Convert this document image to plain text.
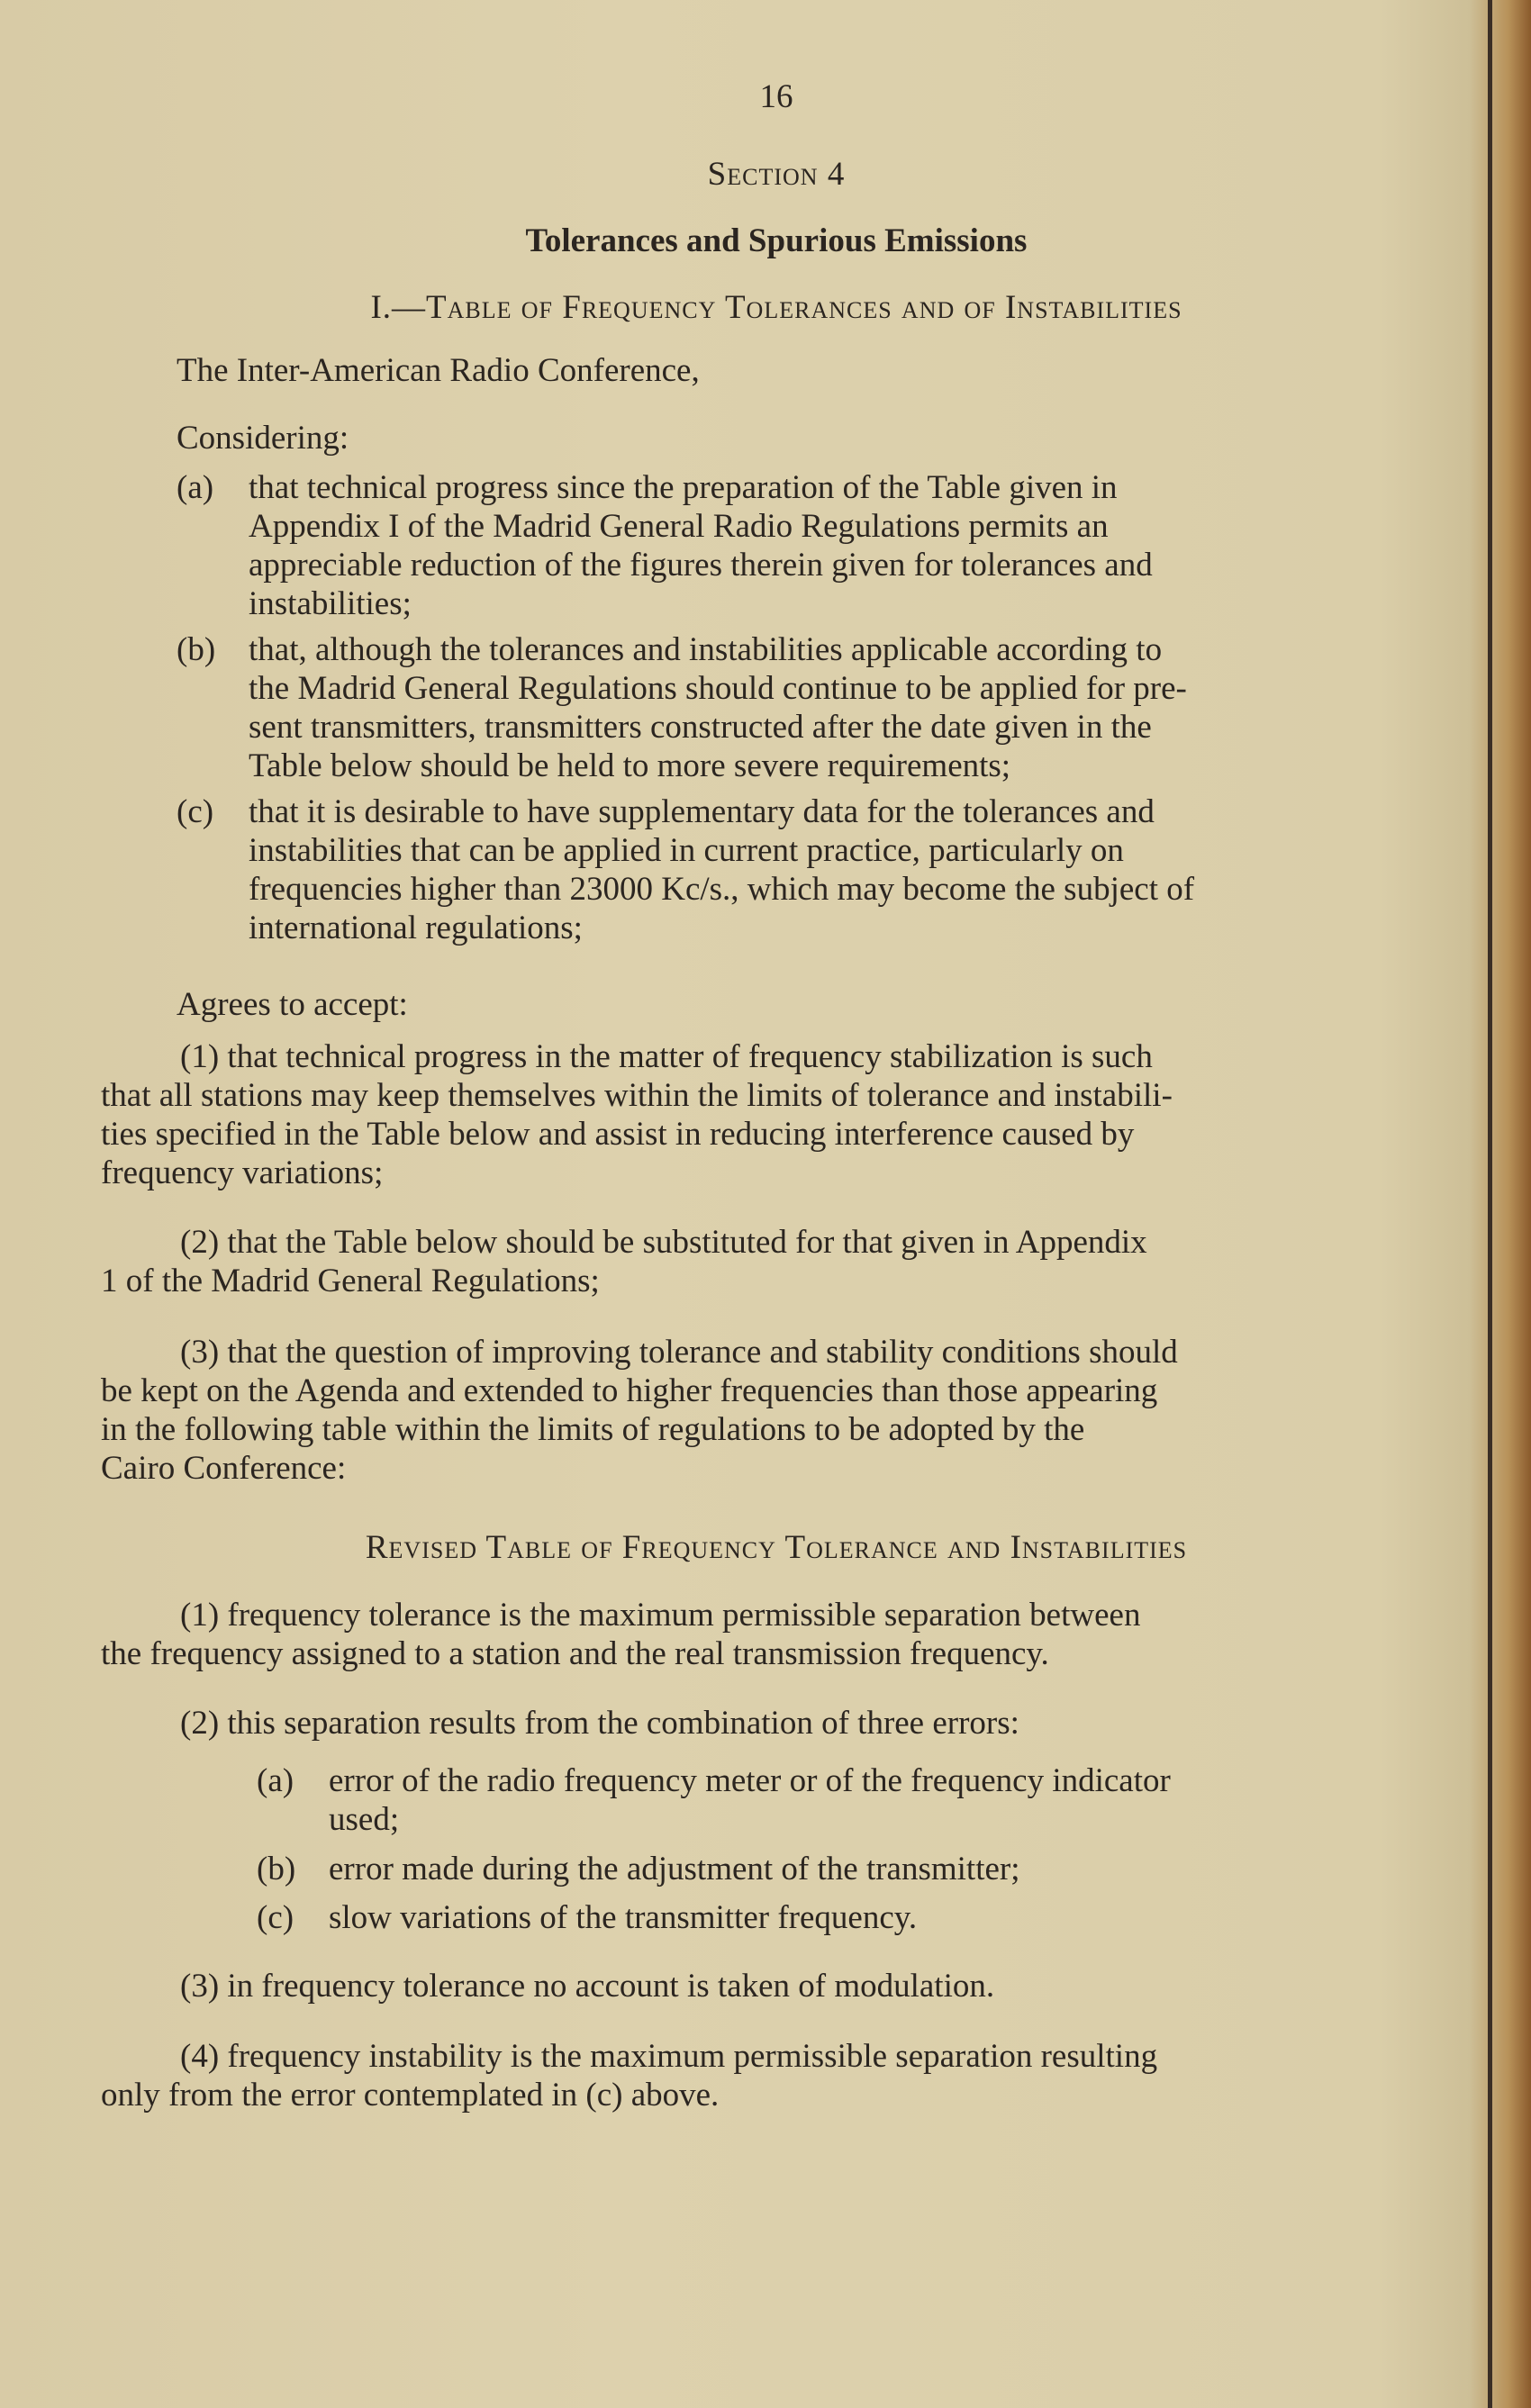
16
Section 4
Tolerances and Spurious Emissions
I.—Table of Frequency Tolerances and of Instabilities
The Inter-American Radio Conference,
Considering:
(a) that technical progress since the preparation of the Table given in
Appendix I of the Madrid General Radio Regulations permits an
appreciable reduction of the figures therein given for tolerances and
instabilities;
(b) that, although the tolerances and instabilities applicable according to
the Madrid General Regulations should continue to be applied for pre-
sent transmitters, transmitters constructed after the date given in the
Table below should be held to more severe requirements;
(c) that it is desirable to have supplementary data for the tolerances and
instabilities that can be applied in current practice, particularly on
frequencies higher than 23000 Kc/s., which may become the subject of
international regulations;
Agrees to accept:
(1) that technical progress in the matter of frequency stabilization is such
that all stations may keep themselves within the limits of tolerance and instabili-
ties specified in the Table below and assist in reducing interference caused by
frequency variations;
(2) that the Table below should be substituted for that given in Appendix
1 of the Madrid General Regulations;
(3) that the question of improving tolerance and stability conditions should
be kept on the Agenda and extended to higher frequencies than those appearing
in the following table within the limits of regulations to be adopted by the
Cairo Conference:
Revised Table of Frequency Tolerance and Instabilities
(1) frequency tolerance is the maximum permissible separation between
the frequency assigned to a station and the real transmission frequency.
(2) this separation results from the combination of three errors:
(a) error of the radio frequency meter or of the frequency indicator
used;
(b) error made during the adjustment of the transmitter;
(c) slow variations of the transmitter frequency.
(3) in frequency tolerance no account is taken of modulation.
(4) frequency instability is the maximum permissible separation resulting
only from the error contemplated in (c) above.
